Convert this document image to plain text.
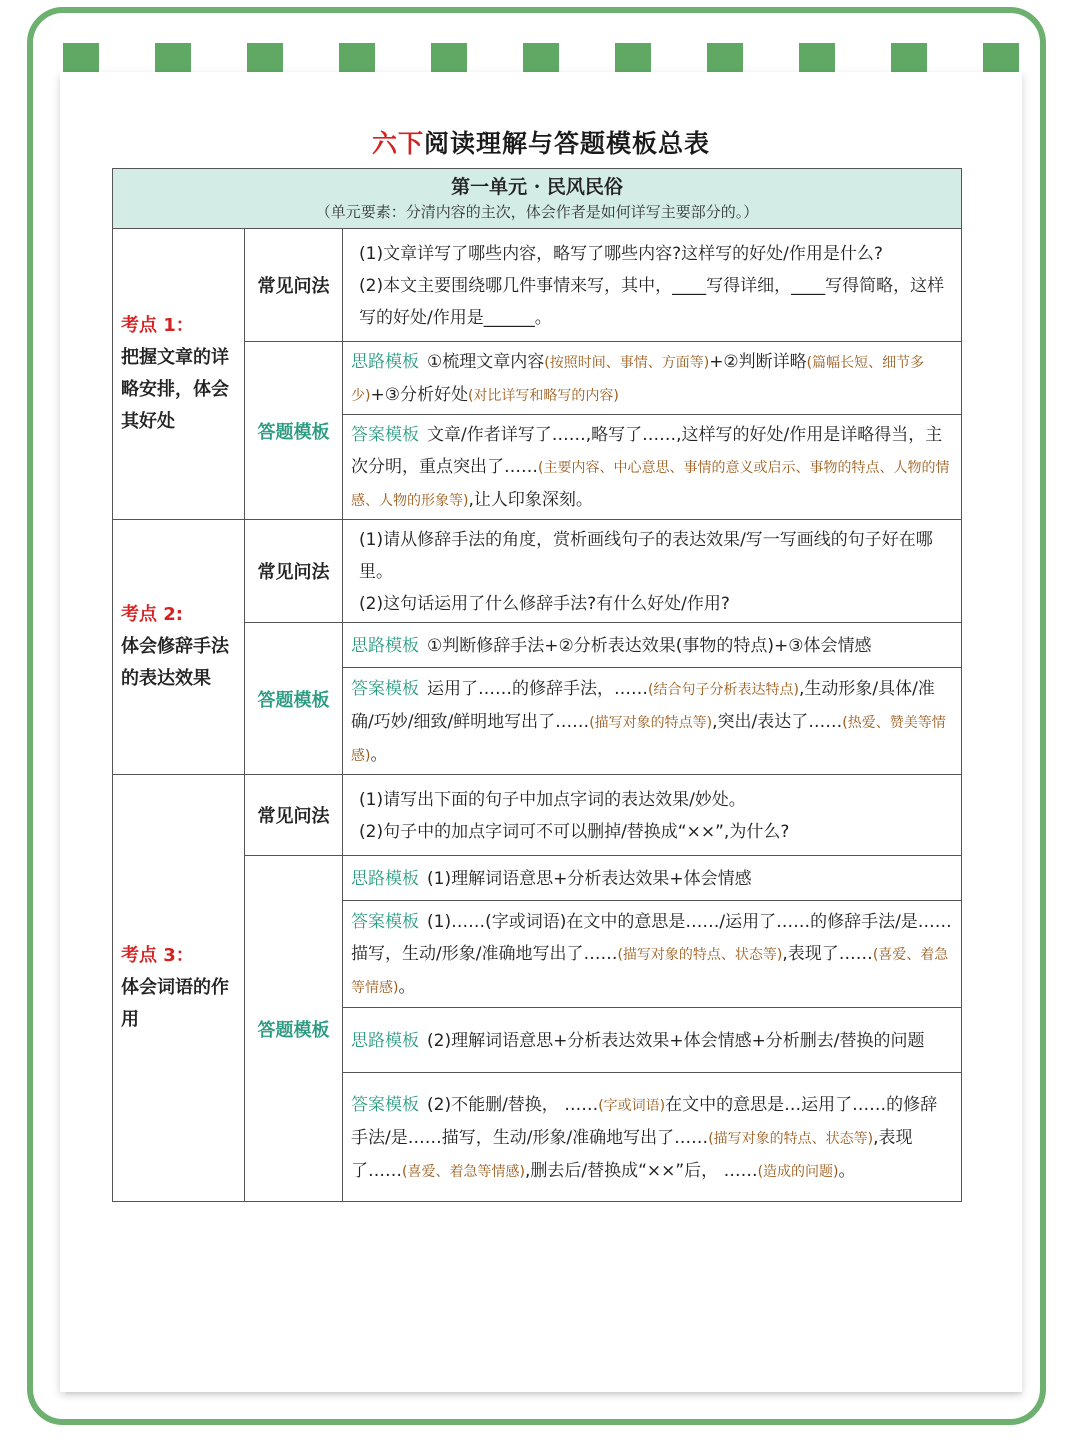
六下阅读理解与答题模板总表
第一单元 · 民风民俗
（单元要素：分清内容的主次，体会作者是如何详写主要部分的。）		

考点 1：
把握文章的详略安排，体会其好处	常见问法	(1)文章详写了哪些内容，略写了哪些内容?这样写的好处/作用是什么?
(2)本文主要围绕哪几件事情来写，其中，____写得详细，____写得简略，这样写的好处/作用是______。

	答题模板	思路模板 ①梳理文章内容(按照时间、事情、方面等)+②判断详略(篇幅长短、细节多少)+③分析好处(对比详写和略写的内容)
		答案模板 文章/作者详写了……,略写了……,这样写的好处/作用是详略得当，主次分明，重点突出了……(主要内容、中心意思、事情的意义或启示、事物的特点、人物的情感、人物的形象等),让人印象深刻。

考点 2:
体会修辞手法的表达效果	常见问法	(1)请从修辞手法的角度，赏析画线句子的表达效果/写一写画线的句子好在哪里。
(2)这句话运用了什么修辞手法?有什么好处/作用?

	答题模板	思路模板 ①判断修辞手法+②分析表达效果(事物的特点)+③体会情感
		答案模板 运用了……的修辞手法，……(结合句子分析表达特点),生动形象/具体/准确/巧妙/细致/鲜明地写出了……(描写对象的特点等),突出/表达了……(热爱、赞美等情感)。

考点 3：
体会词语的作用	常见问法	(1)请写出下面的句子中加点字词的表达效果/妙处。
(2)句子中的加点字词可不可以删掉/替换成“××”,为什么?

	答题模板	思路模板 (1)理解词语意思+分析表达效果+体会情感
		答案模板 (1)……(字或词语)在文中的意思是……/运用了……的修辞手法/是……描写，生动/形象/准确地写出了……(描写对象的特点、状态等),表现了……(喜爱、着急等情感)。
		思路模板 (2)理解词语意思+分析表达效果+体会情感+分析删去/替换的问题
		答案模板 (2)不能删/替换， ……(字或词语)在文中的意思是…运用了……的修辞手法/是……描写，生动/形象/准确地写出了……(描写对象的特点、状态等),表现了……(喜爱、着急等情感),删去后/替换成“××”后， ……(造成的问题)。
